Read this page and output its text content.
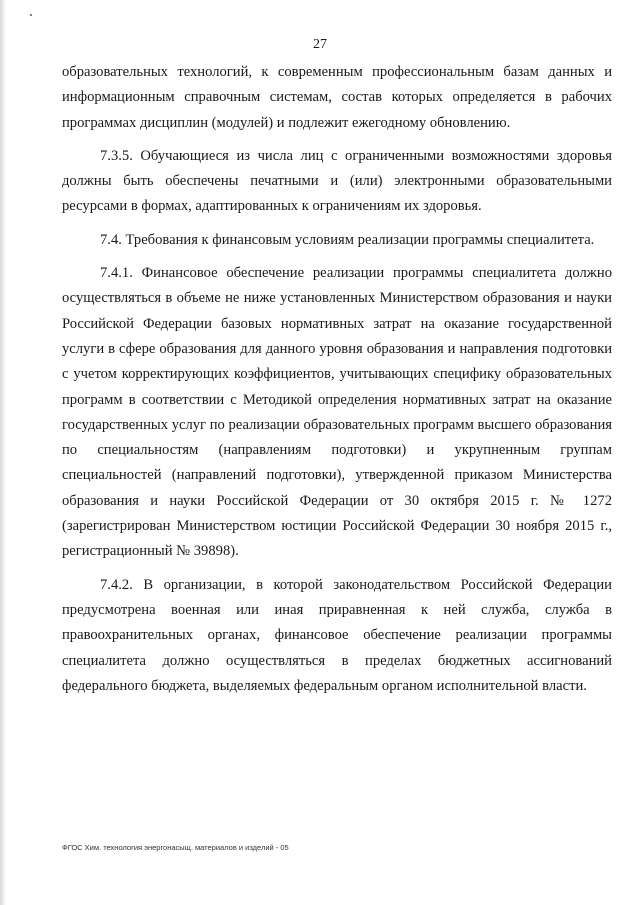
27

образовательных технологий, к современным профессиональным базам данных и информационным справочным системам, состав которых определяется в рабочих программах дисциплин (модулей) и подлежит ежегодному обновлению.

7.3.5. Обучающиеся из числа лиц с ограниченными возможностями здоровья должны быть обеспечены печатными и (или) электронными образовательными ресурсами в формах, адаптированных к ограничениям их здоровья.

7.4. Требования к финансовым условиям реализации программы специалитета.

7.4.1. Финансовое обеспечение реализации программы специалитета должно осуществляться в объеме не ниже установленных Министерством образования и науки Российской Федерации базовых нормативных затрат на оказание государственной услуги в сфере образования для данного уровня образования и направления подготовки с учетом корректирующих коэффициентов, учитывающих специфику образовательных программ в соответствии с Методикой определения нормативных затрат на оказание государственных услуг по реализации образовательных программ высшего образования по специальностям (направлениям подготовки) и укрупненным группам специальностей (направлений подготовки), утвержденной приказом Министерства образования и науки Российской Федерации от 30 октября 2015 г. № 1272 (зарегистрирован Министерством юстиции Российской Федерации 30 ноября 2015 г., регистрационный № 39898).

7.4.2. В организации, в которой законодательством Российской Федерации предусмотрена военная или иная приравненная к ней служба, служба в правоохранительных органах, финансовое обеспечение реализации программы специалитета должно осуществляться в пределах бюджетных ассигнований федерального бюджета, выделяемых федеральным органом исполнительной власти.

ФГОС Хим. технология энергонасыщ. материалов и изделий - 05
